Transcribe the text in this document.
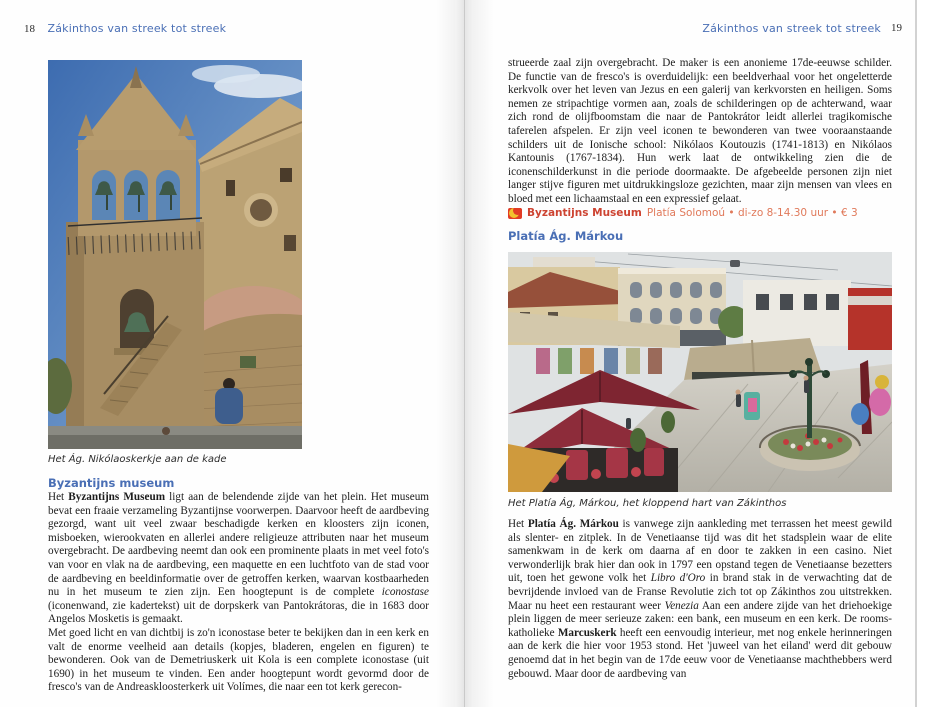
18 Zákinthos van streek tot streek
Het Ág. Nikólaoskerkje aan de kade
Byzantijns museum
Het Byzantijns Museum ligt aan de belendende zijde van het plein. Het museum bevat een fraaie verzameling Byzantijnse voorwerpen. Daarvoor heeft de aardbeving gezorgd, want uit veel zwaar beschadigde kerken en kloosters zijn iconen, misboeken, wierookvaten en allerlei andere religieuze attributen naar het museum overgebracht. De aardbeving neemt dan ook een prominente plaats in met veel foto's van voor en vlak na de aardbeving, een maquette en een luchtfoto van de stad voor de aardbeving en beeldinformatie over de getroffen kerken, waarvan kostbaarheden nu in het museum te zien zijn. Een hoogtepunt is de complete iconostase (iconenwand, zie kadertekst) uit de dorpskerk van Pantokrátoras, die in 1683 door Angelos Mosketis is gemaakt.
Met goed licht en van dichtbij is zo'n iconostase beter te bekijken dan in een kerk en valt de enorme veelheid aan details (kopjes, bladeren, engelen en figuren) te bewonderen. Ook van de Demetriuskerk uit Kola is een complete iconostase (uit 1690) in het museum te vinden. Een ander hoogtepunt wordt gevormd door de fresco's van de Andreaskloosterkerk uit Volímes, die naar een tot kerk gerecon-
Zákinthos van streek tot streek 19
strueerde zaal zijn overgebracht. De maker is een anonieme 17de-eeuwse schilder. De functie van de fresco's is overduidelijk: een beeldverhaal voor het ongeletterde kerkvolk over het leven van Jezus en een galerij van kerkvorsten en heiligen. Soms nemen ze stripachtige vormen aan, zoals de schilderingen op de achterwand, waar zich rond de olijfboomstam die naar de Pantokrátor leidt allerlei tragikomische taferelen afspelen. Er zijn veel iconen te bewonderen van twee vooraanstaande schilders uit de Ionische school: Nikólaos Koutouzis (1741-1813) en Nikólaos Kantounis (1767-1834). Hun werk laat de ontwikkeling zien die de iconenschilderkunst in die periode doormaakte. De afgebeelde personen zijn niet langer stijve figuren met uitdrukkingsloze gezichten, maar zijn mensen van vlees en bloed met een lichaamstaal en een expressief gelaat.
Byzantijns Museum Platía Solomoú • di-zo 8-14.30 uur • € 3
Platía Ág. Márkou
Het Platía Ág, Márkou, het kloppend hart van Zákinthos
Het Platía Ág. Márkou is vanwege zijn aankleding met terrassen het meest gewild als slenter- en zitplek. In de Venetiaanse tijd was dit het stadsplein waar de elite samenkwam in de kerk om daarna af en door te zakken in een casino. Niet verwonderlijk brak hier dan ook in 1797 een opstand tegen de Venetiaanse bezetters uit, toen het gewone volk het Libro d'Oro in brand stak in de verwachting dat de bevrijdende invloed van de Franse Revolutie zich tot op Zákinthos zou uitstrekken. Maar nu heet een restaurant weer Venezia Aan een andere zijde van het driehoekige plein liggen de meer serieuze zaken: een bank, een museum en een kerk. De rooms-katholieke Marcuskerk heeft een eenvoudig interieur, met nog enkele herinneringen aan de kerk die hier voor 1953 stond. Het 'juweel van het eiland' werd dit gebouw genoemd dat in het begin van de 17de eeuw voor de Venetiaanse machthebbers werd gebouwd. Maar door de aardbeving van
